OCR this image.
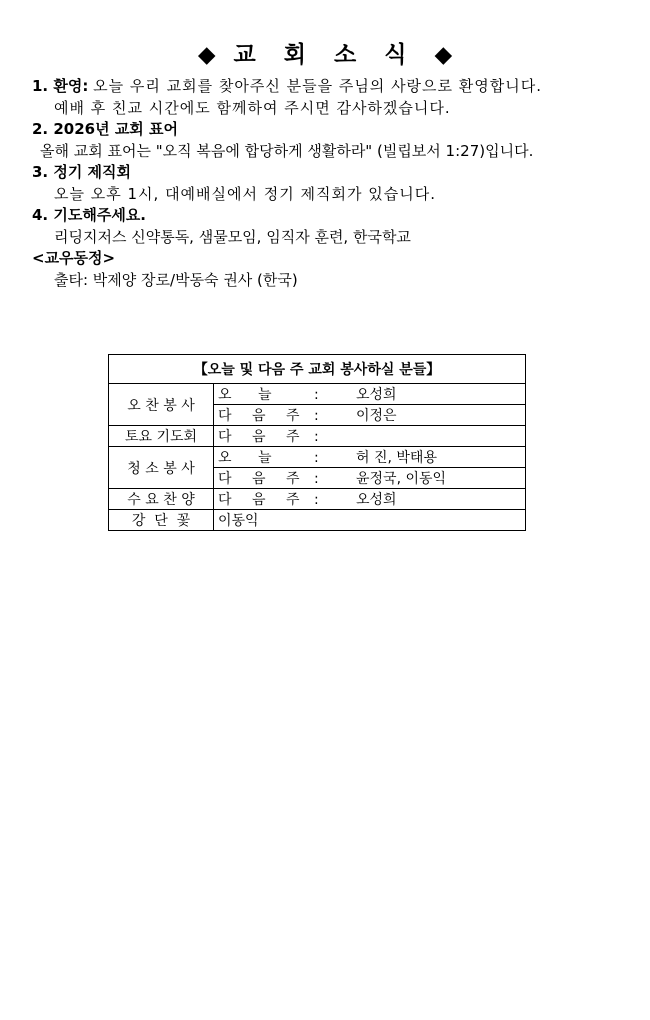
◆ 교 회 소 식 ◆
1. 환영: 오늘 우리 교회를 찾아주신 분들을 주님의 사랑으로 환영합니다.
예배 후 친교 시간에도 함께하여 주시면 감사하겠습니다.
2. 2026년 교회 표어
올해 교회 표어는 "오직 복음에 합당하게 생활하라" (빌립보서 1:27)입니다.
3. 정기 제직회
오늘 오후 1시, 대예배실에서 정기 제직회가 있습니다.
4. 기도해주세요.
리딩지저스 신약통독, 샘물모임, 임직자 훈련, 한국학교
<교우동정>
출타: 박제양 장로/박동숙 권사 (한국)
【오늘 및 다음 주 교회 봉사하실 분들】	
오 찬 봉 사	오 늘 : 오성희
	다 음 주 : 이정은
토요 기도회	다 음 주 :
청 소 봉 사	오 늘 : 허 진, 박태용
	다 음 주 : 윤정국, 이동익
수 요 찬 양	다 음 주 : 오성희
강  단  꽃	이동익
